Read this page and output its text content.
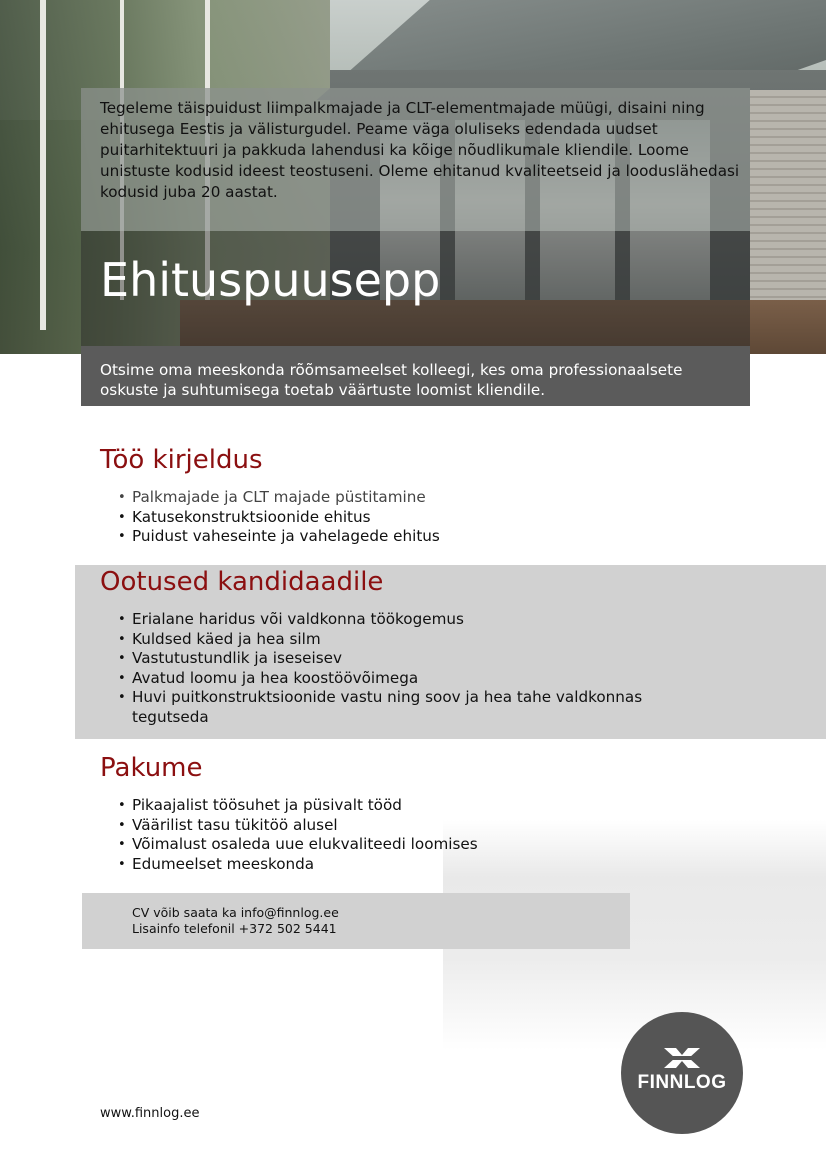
Tegeleme täispuidust liimpalkmajade ja CLT-elementmajade müügi, disaini ning ehitusega Eestis ja välisturgudel. Peame väga oluliseks edendada uudset puitarhitektuuri ja pakkuda lahendusi ka kõige nõudlikumale kliendile. Loome unistuste kodusid ideest teostuseni. Oleme ehitanud kvaliteetseid ja looduslähedasi kodusid juba 20 aastat.
Ehituspuusepp
Otsime oma meeskonda rõõmsameelset kolleegi, kes oma professionaalsete oskuste ja suhtumisega toetab väärtuste loomist kliendile.
Töö kirjeldus
• Palkmajade ja CLT majade püstitamine
• Katusekonstruktsioonide ehitus
• Puidust vaheseinte ja vahelagede ehitus
Ootused kandidaadile
• Erialane haridus või valdkonna töökogemus
• Kuldsed käed ja hea silm
• Vastutustundlik ja iseseisev
• Avatud loomu ja hea koostöövõimega
• Huvi puitkonstruktsioonide vastu ning soov ja hea tahe valdkonnas tegutseda
Pakume
• Pikaajalist töösuhet ja püsivalt tööd
• Väärilist tasu tükitöö alusel
• Võimalust osaleda uue elukvaliteedi loomises
• Edumeelset meeskonda
CV võib saata ka info@finnlog.ee
Lisainfo telefonil +372 502 5441
FINNLOG
www.finnlog.ee
